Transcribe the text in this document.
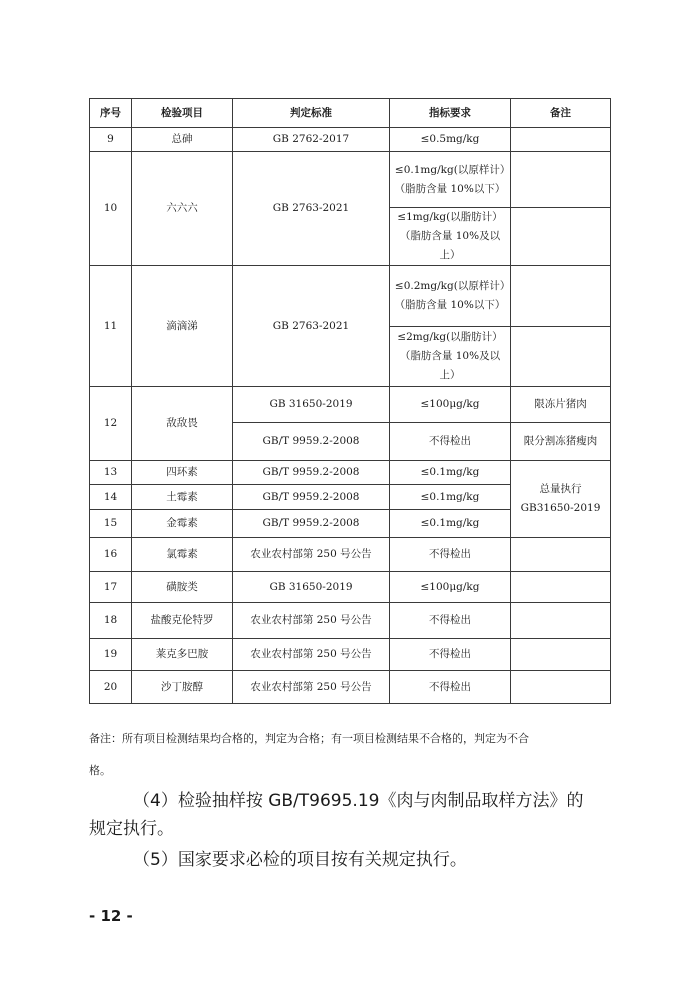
序号	检验项目	判定标准	指标要求	备注
9	总砷	GB 2762-2017	≤0.5mg/kg	
10	六六六	GB 2763-2021	≤0.1mg/kg(以原样计）（脂肪含量 10%以下）	
			≤1mg/kg(以脂肪计）（脂肪含量 10%及以上）	
11	滴滴涕	GB 2763-2021	≤0.2mg/kg(以原样计）（脂肪含量 10%以下）	
			≤2mg/kg(以脂肪计）（脂肪含量 10%及以上）	
12	敌敌畏	GB 31650-2019	≤100μg/kg	限冻片猪肉
		GB/T 9959.2-2008	不得检出	限分割冻猪瘦肉
13	四环素	GB/T 9959.2-2008	≤0.1mg/kg	总量执行 GB31650-2019
14	土霉素	GB/T 9959.2-2008	≤0.1mg/kg	
15	金霉素	GB/T 9959.2-2008	≤0.1mg/kg	
16	氯霉素	农业农村部第 250 号公告	不得检出	
17	磺胺类	GB 31650-2019	≤100μg/kg	
18	盐酸克伦特罗	农业农村部第 250 号公告	不得检出	
19	莱克多巴胺	农业农村部第 250 号公告	不得检出	
20	沙丁胺醇	农业农村部第 250 号公告	不得检出	
备注：所有项目检测结果均合格的，判定为合格；有一项目检测结果不合格的，判定为不合
格。
（4）检验抽样按 GB/T9695.19《肉与肉制品取样方法》的
规定执行。
（5）国家要求必检的项目按有关规定执行。
- 12 -
